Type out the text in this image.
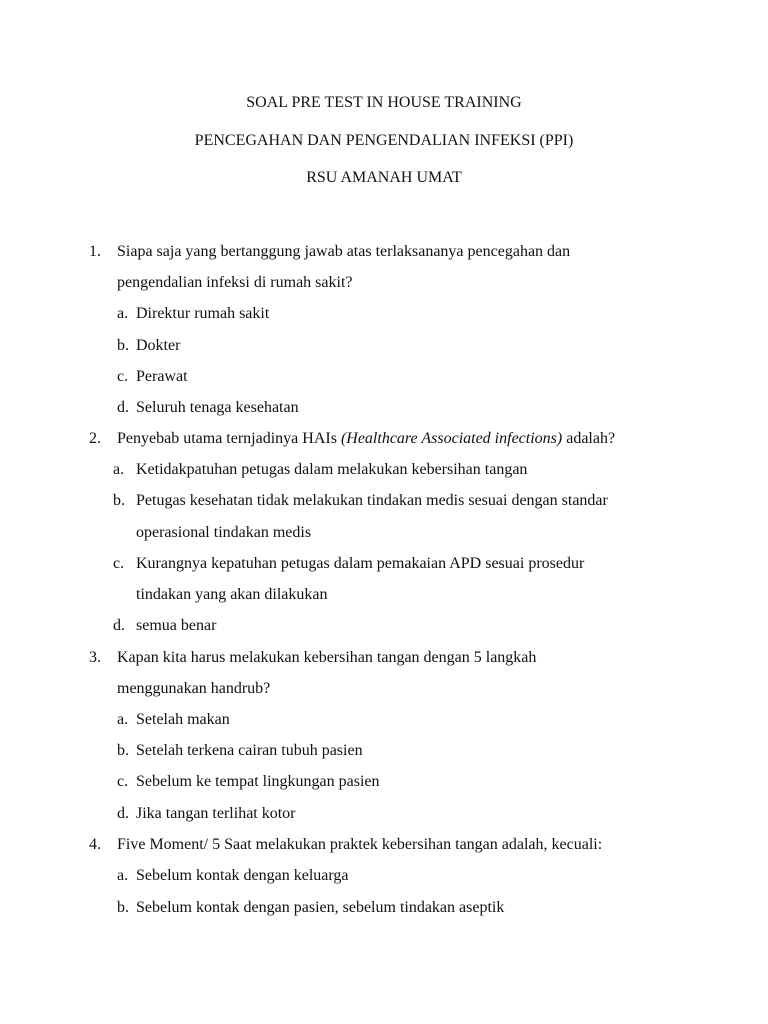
SOAL PRE TEST IN HOUSE TRAINING
PENCEGAHAN DAN PENGENDALIAN INFEKSI (PPI)
RSU AMANAH UMAT
1. Siapa saja yang bertanggung jawab atas terlaksananya pencegahan dan
pengendalian infeksi di rumah sakit?
a. Direktur rumah sakit
b. Dokter
c. Perawat
d. Seluruh tenaga kesehatan
2. Penyebab utama ternjadinya HAIs (Healthcare Associated infections) adalah?
a. Ketidakpatuhan petugas dalam melakukan kebersihan tangan
b. Petugas kesehatan tidak melakukan tindakan medis sesuai dengan standar
operasional tindakan medis
c. Kurangnya kepatuhan petugas dalam pemakaian APD sesuai prosedur
tindakan yang akan dilakukan
d. semua benar
3. Kapan kita harus melakukan kebersihan tangan dengan 5 langkah
menggunakan handrub?
a. Setelah makan
b. Setelah terkena cairan tubuh pasien
c. Sebelum ke tempat lingkungan pasien
d. Jika tangan terlihat kotor
4. Five Moment/ 5 Saat melakukan praktek kebersihan tangan adalah, kecuali:
a. Sebelum kontak dengan keluarga
b. Sebelum kontak dengan pasien, sebelum tindakan aseptik
